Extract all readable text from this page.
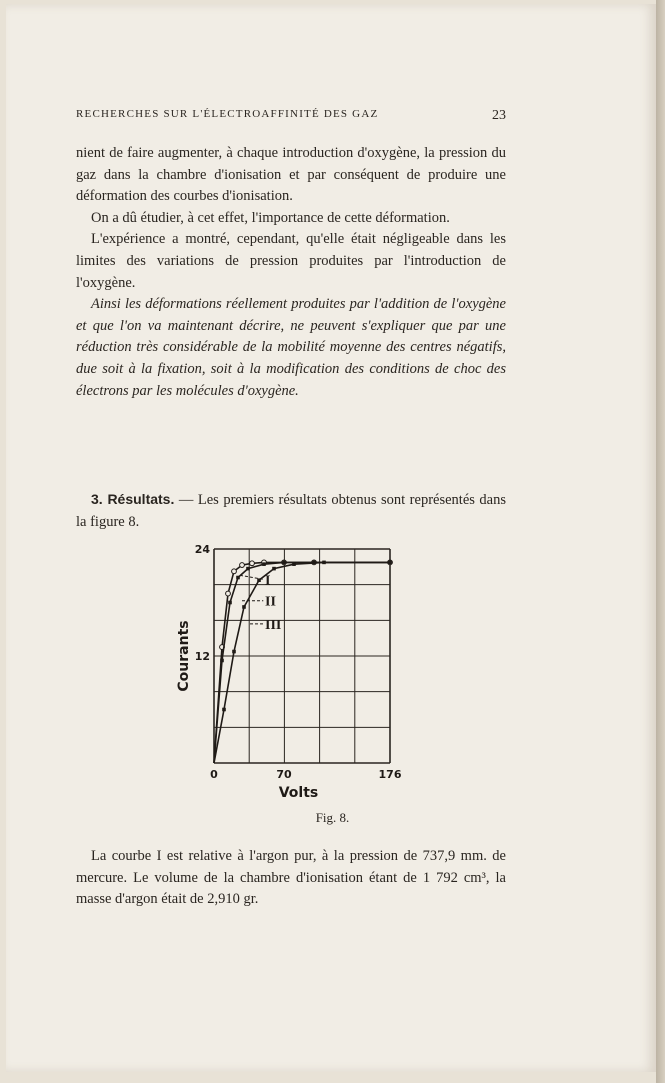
RECHERCHES SUR L'ÉLECTROAFFINITÉ DES GAZ	23

nient de faire augmenter, à chaque introduction d'oxygène, la pression du gaz dans la chambre d'ionisation et par conséquent de produire une déformation des courbes d'ionisation.

On a dû étudier, à cet effet, l'importance de cette déformation.

L'expérience a montré, cependant, qu'elle était négligeable dans les limites des variations de pression produites par l'introduction de l'oxygène.

Ainsi les déformations réellement produites par l'addition de l'oxygène et que l'on va maintenant décrire, ne peuvent s'expliquer que par une réduction très considérable de la mobilité moyenne des centres négatifs, due soit à la fixation, soit à la modification des conditions de choc des électrons par les molécules d'oxygène.

3. Résultats. — Les premiers résultats obtenus sont représentés dans la figure 8.

I
II
III
12
24
0	70	176
Volts
Courants
Fig. 8.

La courbe I est relative à l'argon pur, à la pression de 737,9 mm. de mercure. Le volume de la chambre d'ionisation étant de 1 792 cm³, la masse d'argon était de 2,910 gr.
